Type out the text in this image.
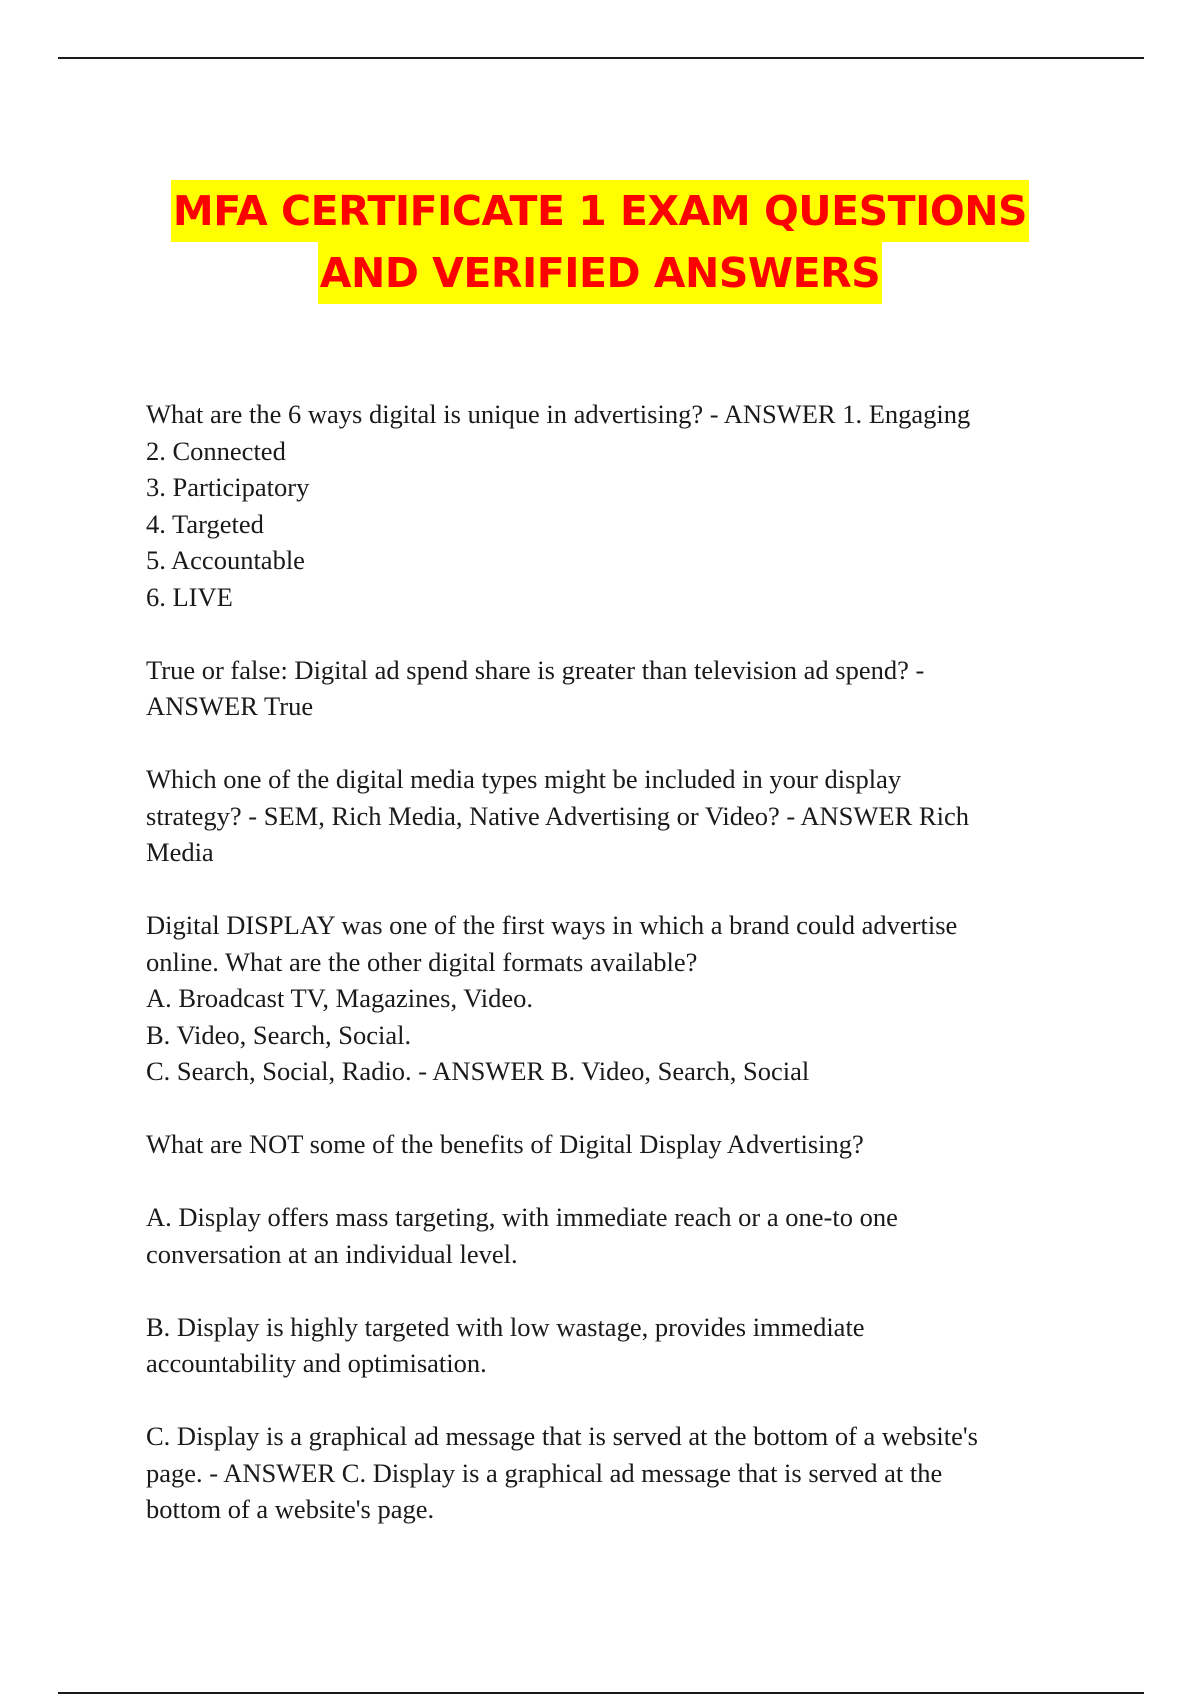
MFA CERTIFICATE 1 EXAM QUESTIONS
AND VERIFIED ANSWERS
What are the 6 ways digital is unique in advertising? - ANSWER 1. Engaging
2. Connected
3. Participatory
4. Targeted
5. Accountable
6. LIVE
True or false: Digital ad spend share is greater than television ad spend? -
ANSWER True
Which one of the digital media types might be included in your display
strategy? - SEM, Rich Media, Native Advertising or Video? - ANSWER Rich
Media
Digital DISPLAY was one of the first ways in which a brand could advertise
online. What are the other digital formats available?
A. Broadcast TV, Magazines, Video.
B. Video, Search, Social.
C. Search, Social, Radio. - ANSWER B. Video, Search, Social
What are NOT some of the benefits of Digital Display Advertising?
A. Display offers mass targeting, with immediate reach or a one-to one
conversation at an individual level.
B. Display is highly targeted with low wastage, provides immediate
accountability and optimisation.
C. Display is a graphical ad message that is served at the bottom of a website's
page. - ANSWER C. Display is a graphical ad message that is served at the
bottom of a website's page.
